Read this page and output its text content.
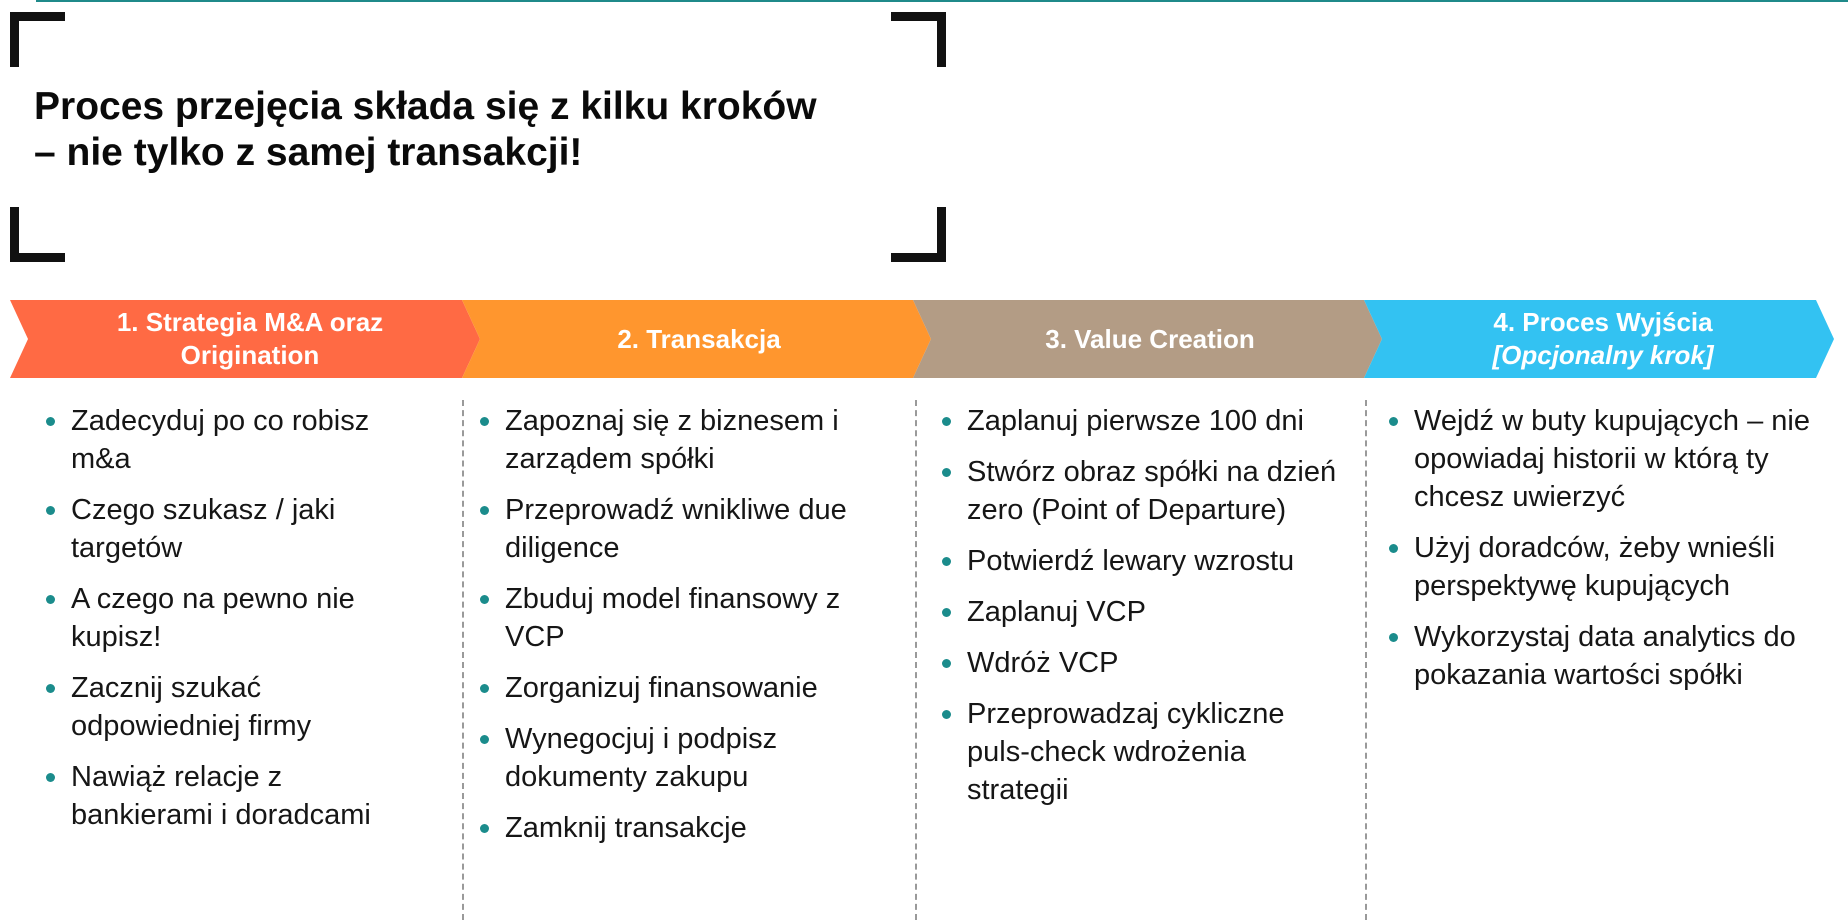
Proces przejęcia składa się z kilku kroków
– nie tylko z samej transakcji!
1. Strategia M&A oraz
Origination
2. Transakcja	3. Value Creation
4. Proces Wyjścia
[Opcjonalny krok]
Zadecyduj po co robisz m&a
Czego szukasz / jaki targetów
A czego na pewno nie kupisz!
Zacznij szukać odpowiedniej firmy
Nawiąż relacje z bankierami i doradcami
Zapoznaj się z biznesem i zarządem spółki
Przeprowadź wnikliwe due diligence
Zbuduj model finansowy z VCP
Zorganizuj finansowanie
Wynegocjuj i podpisz dokumenty zakupu
Zamknij transakcje
Zaplanuj pierwsze 100 dni
Stwórz obraz spółki na dzień zero (Point of Departure)
Potwierdź lewary wzrostu
Zaplanuj VCP
Wdróż VCP
Przeprowadzaj cykliczne puls-check wdrożenia strategii
Wejdź w buty kupujących – nie opowiadaj historii w którą ty chcesz uwierzyć
Użyj doradców, żeby wnieśli perspektywę kupujących
Wykorzystaj data analytics do pokazania wartości spółki
